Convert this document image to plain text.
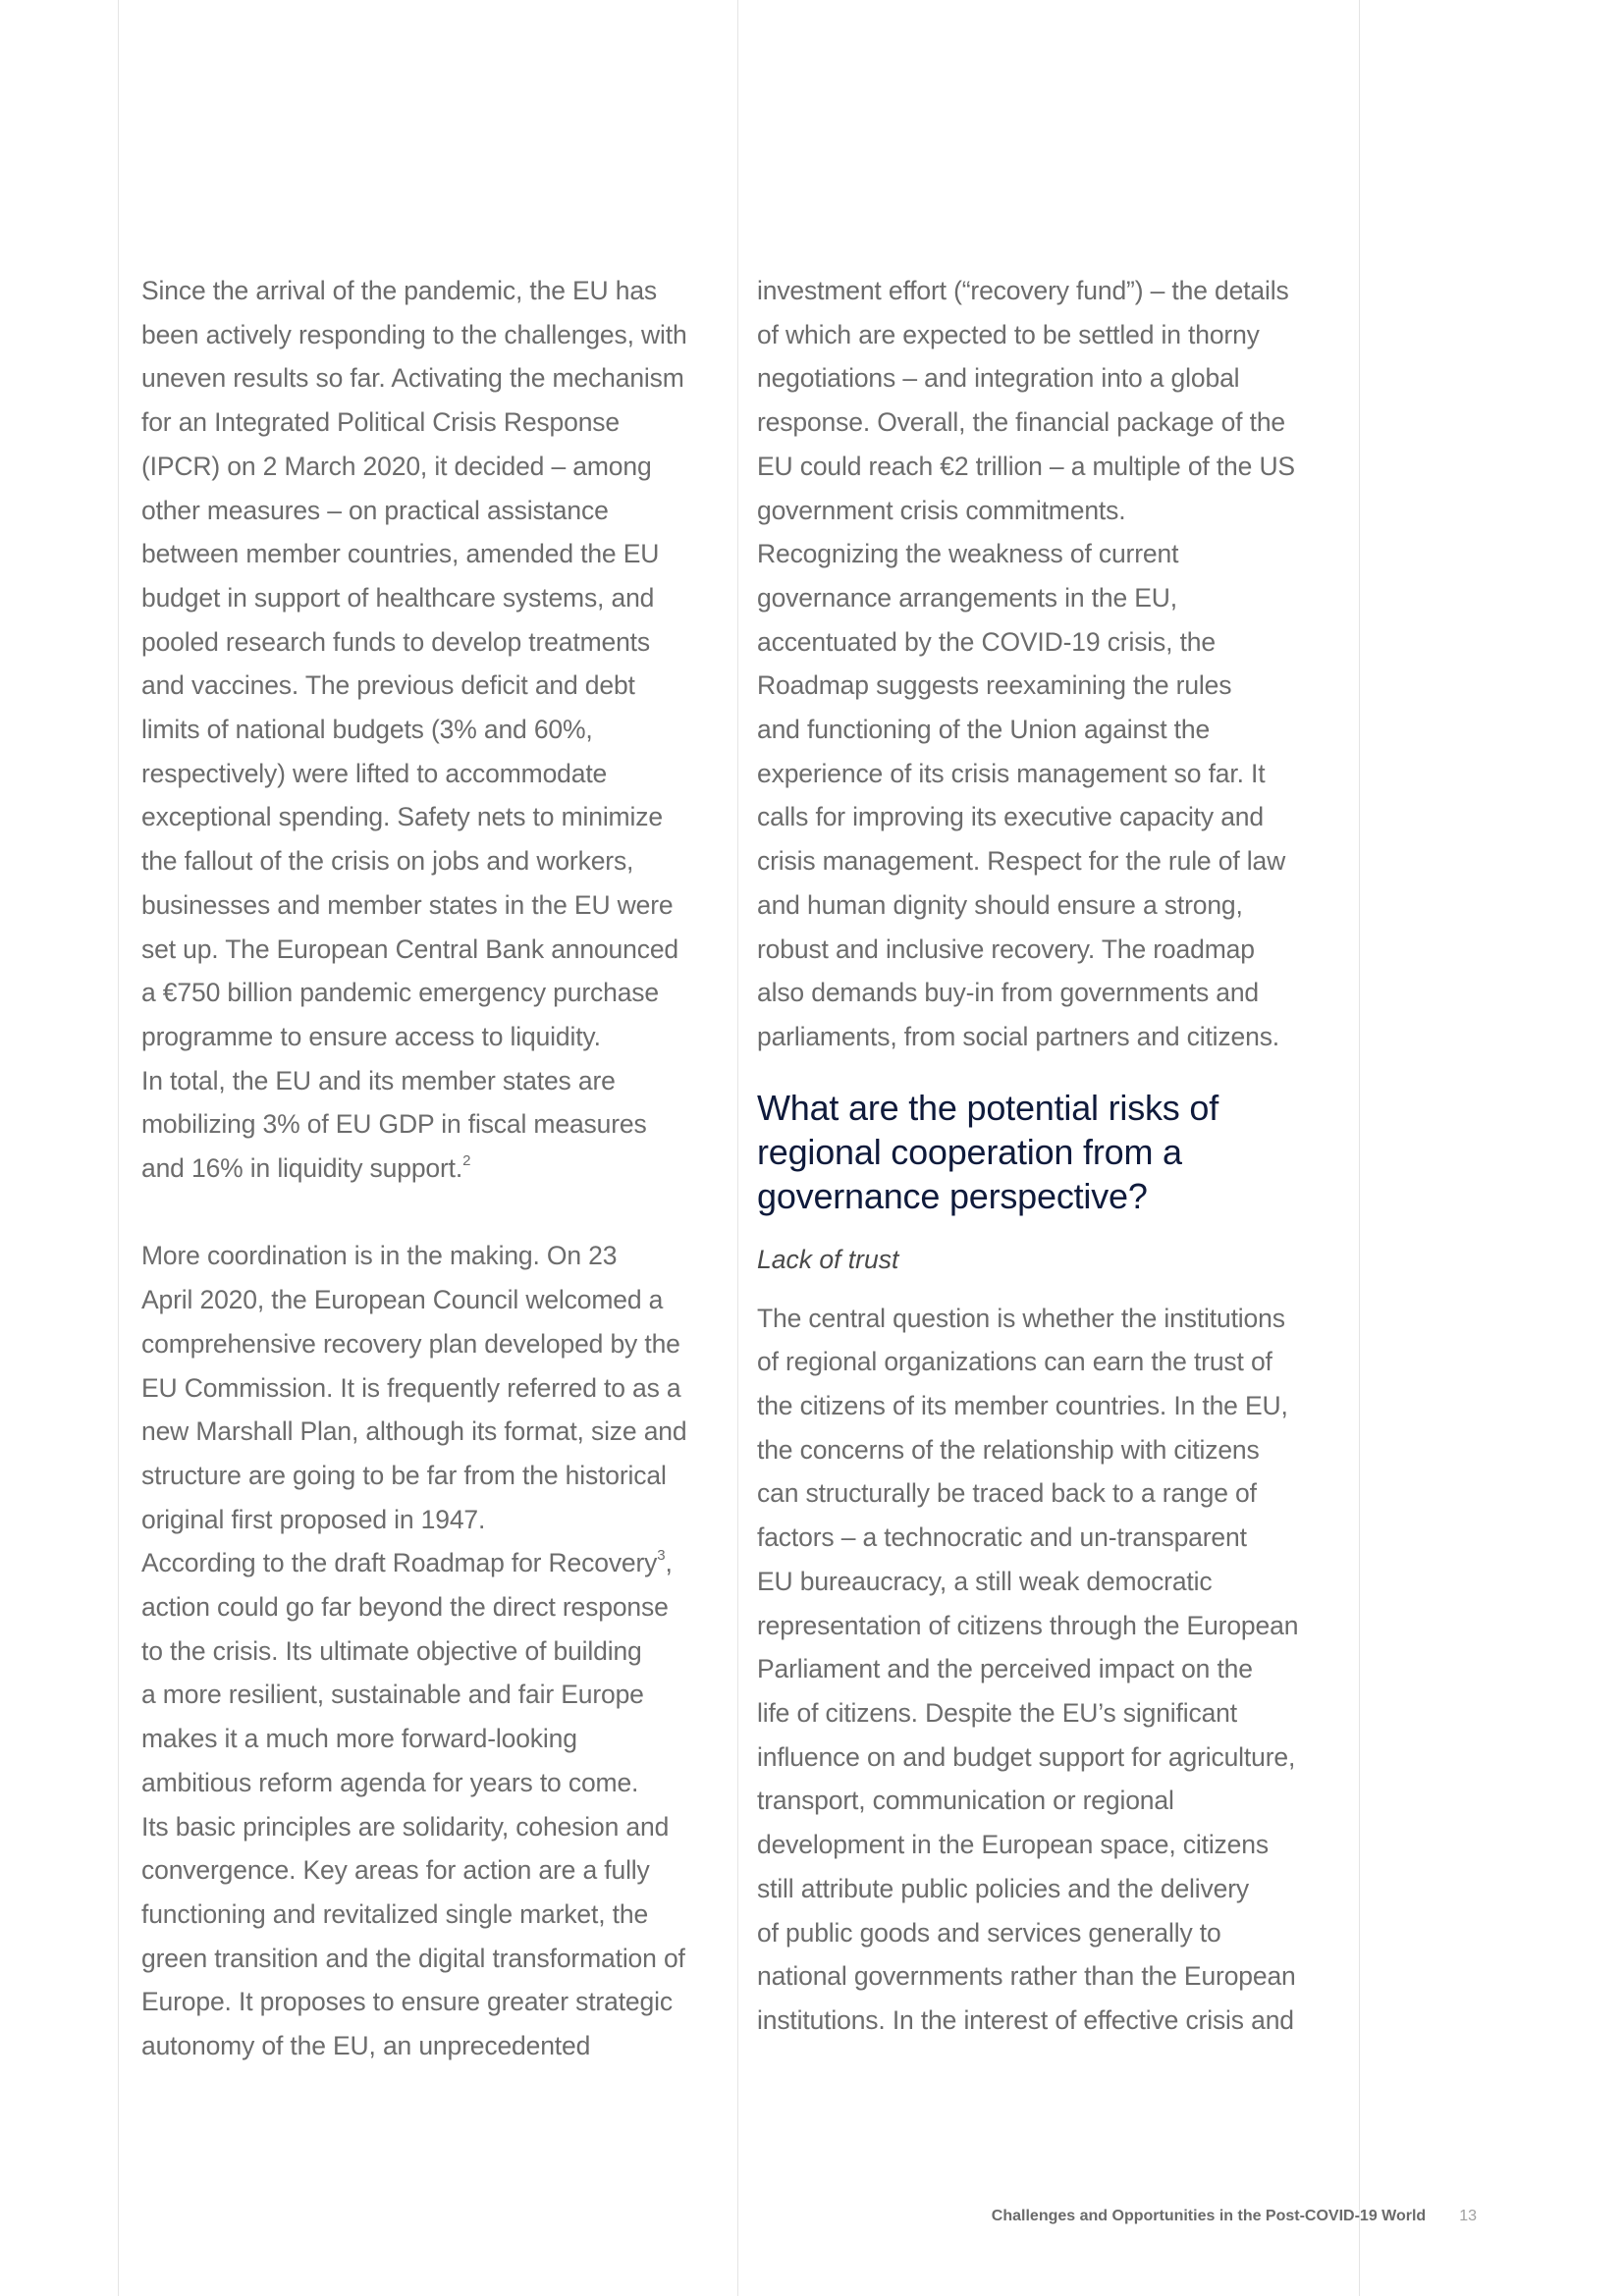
Since the arrival of the pandemic, the EU has

been actively responding to the challenges, with

uneven results so far. Activating the mechanism

for an Integrated Political Crisis Response

(IPCR) on 2 March 2020, it decided – among

other measures – on practical assistance

between member countries, amended the EU

budget in support of healthcare systems, and

pooled research funds to develop treatments

and vaccines. The previous deficit and debt

limits of national budgets (3% and 60%,

respectively) were lifted to accommodate

exceptional spending. Safety nets to minimize

the fallout of the crisis on jobs and workers,

businesses and member states in the EU were

set up. The European Central Bank announced

a €750 billion pandemic emergency purchase

programme to ensure access to liquidity.

In total, the EU and its member states are

mobilizing 3% of EU GDP in fiscal measures

and 16% in liquidity support.$^2$

More coordination is in the making. On 23

April 2020, the European Council welcomed a

comprehensive recovery plan developed by the

EU Commission. It is frequently referred to as a

new Marshall Plan, although its format, size and

structure are going to be far from the historical

original first proposed in 1947.

According to the draft Roadmap for Recovery$^3$,

action could go far beyond the direct response

to the crisis. Its ultimate objective of building

a more resilient, sustainable and fair Europe

makes it a much more forward-looking

ambitious reform agenda for years to come.

Its basic principles are solidarity, cohesion and

convergence. Key areas for action are a fully

functioning and revitalized single market, the

green transition and the digital transformation of

Europe. It proposes to ensure greater strategic

autonomy of the EU, an unprecedented

investment effort (“recovery fund”) – the details

of which are expected to be settled in thorny

negotiations – and integration into a global

response. Overall, the financial package of the

EU could reach €2 trillion – a multiple of the US

government crisis commitments.

Recognizing the weakness of current

governance arrangements in the EU,

accentuated by the COVID-19 crisis, the

Roadmap suggests reexamining the rules

and functioning of the Union against the

experience of its crisis management so far. It

calls for improving its executive capacity and

crisis management. Respect for the rule of law

and human dignity should ensure a strong,

robust and inclusive recovery. The roadmap

also demands buy-in from governments and

parliaments, from social partners and citizens.

What are the potential risks of
regional cooperation from a
governance perspective?
Lack of trust

The central question is whether the institutions

of regional organizations can earn the trust of

the citizens of its member countries. In the EU,

the concerns of the relationship with citizens

can structurally be traced back to a range of

factors – a technocratic and un-transparent

EU bureaucracy, a still weak democratic

representation of citizens through the European

Parliament and the perceived impact on the

life of citizens. Despite the EU’s significant

influence on and budget support for agriculture,

transport, communication or regional

development in the European space, citizens

still attribute public policies and the delivery

of public goods and services generally to

national governments rather than the European

institutions. In the interest of effective crisis and

Challenges and Opportunities in the Post-COVID-19 World 13
